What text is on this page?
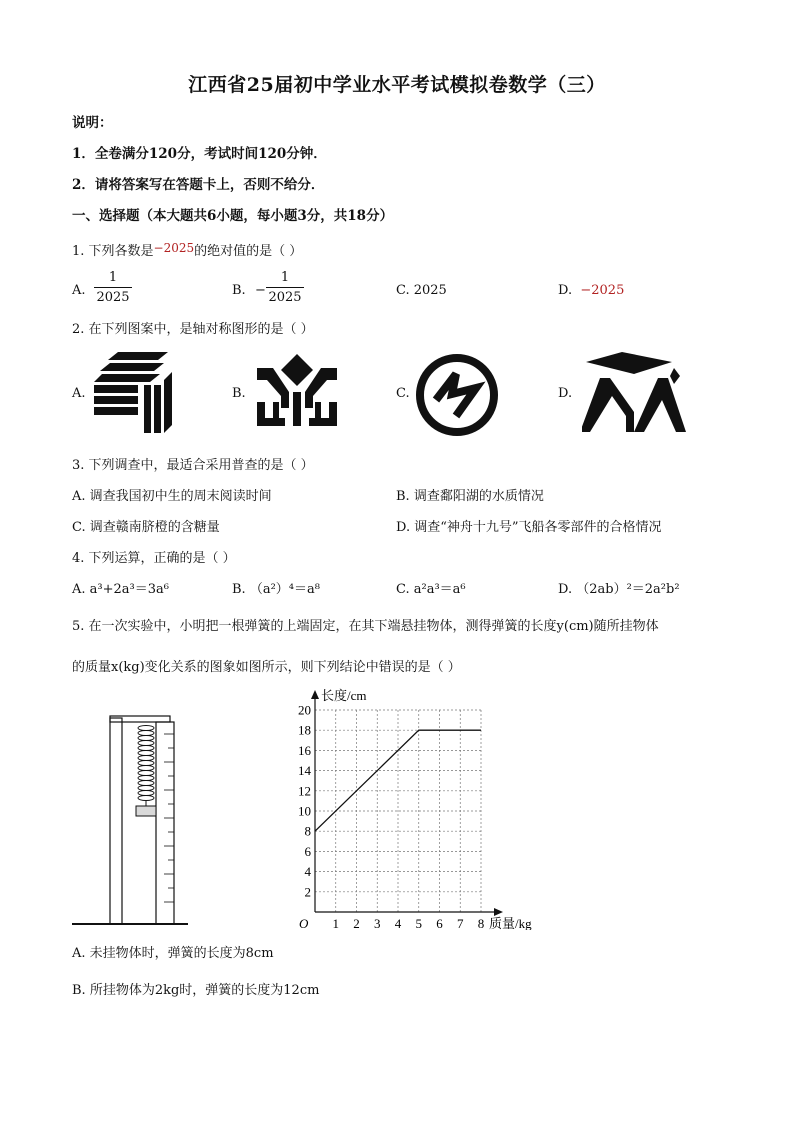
江西省25届初中学业水平考试模拟卷数学（三）
说明：
1．全卷满分120分，考试时间120分钟．
2．请将答案写在答题卡上，否则不给分．
一、选择题（本大题共6小题，每小题3分，共18分）
1. 下列各数是−2025的绝对值的是（ ）
A.
1
2025	B. −
1
2025	C. 2025	D. −2025
2. 在下列图案中，是轴对称图形的是（ ）
A.	B.	C.	D.
3. 下列调查中，最适合采用普查的是（ ）
A. 调查我国初中生的周末阅读时间	B. 调查鄱阳湖的水质情况
C. 调查赣南脐橙的含糖量	D. 调查“神舟十九号”飞船各零部件的合格情况
4. 下列运算，正确的是（ ）
A. a³+2a³＝3a⁶	B. （a²）⁴＝a⁸	C. a²a³＝a⁶	D. （2ab）²＝2a²b²
5. 在一次实验中，小明把一根弹簧的上端固定，在其下端悬挂物体，测得弹簧的长度y(cm)随所挂物体
的质量x(kg)变化关系的图象如图所示，则下列结论中错误的是（ ）
1 2 3 4 5 6 7 8
2
4
6
8
10
12
14
16
18
20
长度/cm
质量/kg
O
A. 未挂物体时，弹簧的长度为8cm
B. 所挂物体为2kg时，弹簧的长度为12cm
